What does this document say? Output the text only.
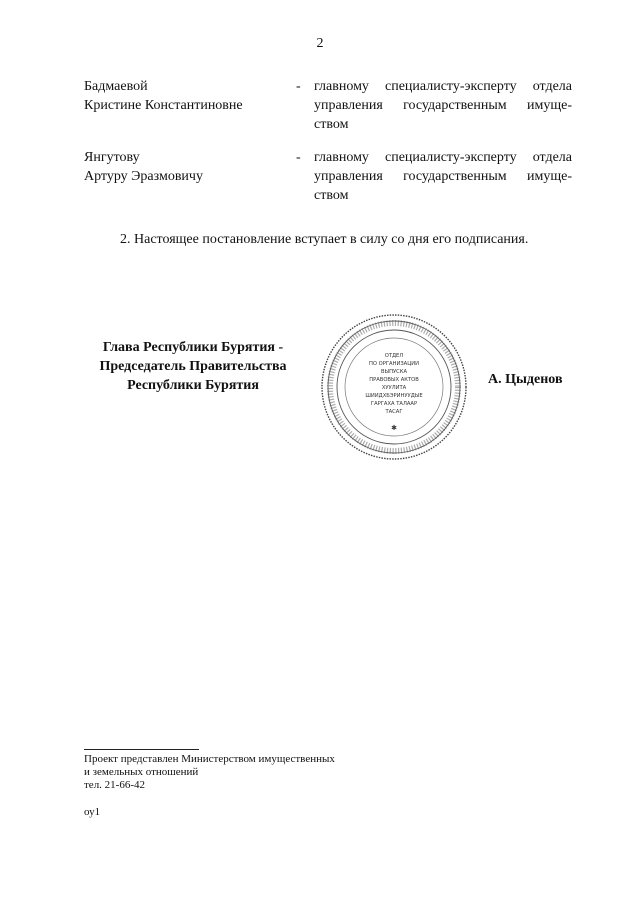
2
Бадмаевой
Кристине Константиновне
- главному специалисту-эксперту отдела
управления государственным имуще-
ством
Янгутову
Артуру Эразмовичу
- главному специалисту-эксперту отдела
управления государственным имуще-
ством
2. Настоящее постановление вступает в силу со дня его подписания.
Глава Республики Бурятия -
Председатель Правительства
Республики Бурятия
ОТДЕЛ
ПО ОРГАНИЗАЦИИ
ВЫПУСКА
ПРАВОВЫХ АКТОВ
ХУУЛИТА
ШИИДХБЭРИНУУДЫЕ
ГАРГАХА ТАЛААР
ТАСАГ
✱
А. Цыденов
Проект представлен Министерством имущественных
и земельных отношений
тел. 21-66-42
оу1
